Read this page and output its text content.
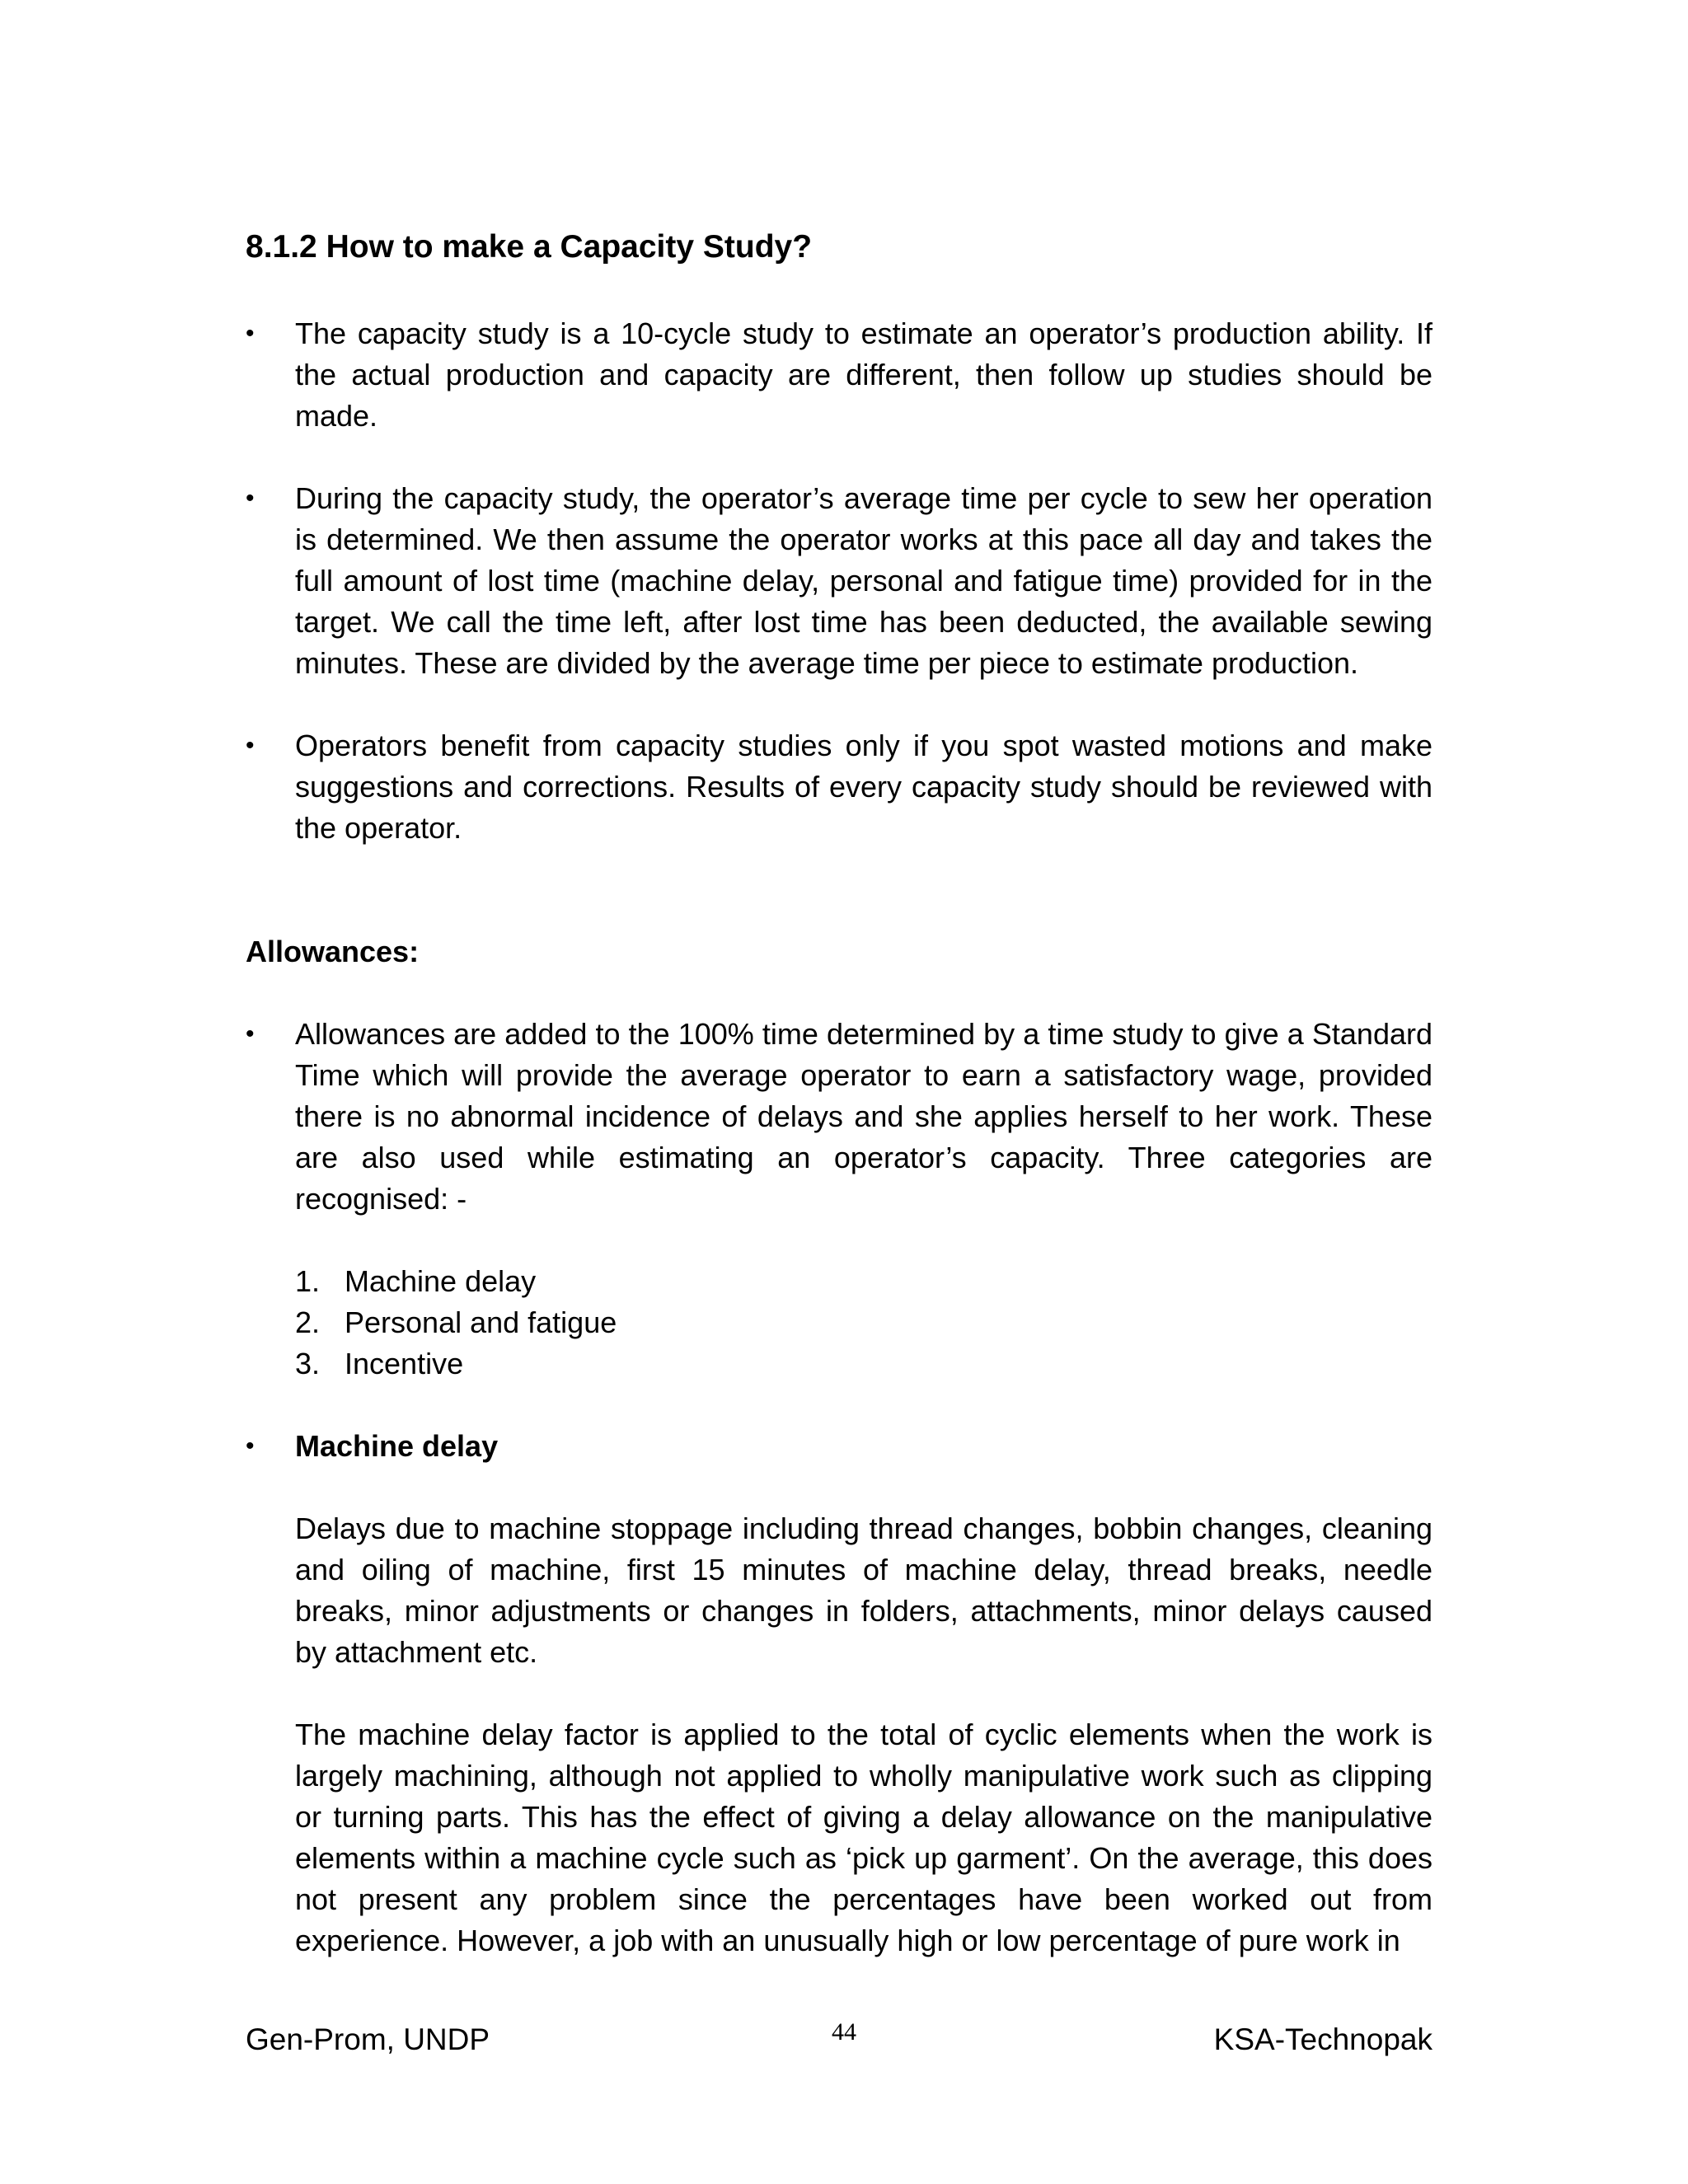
8.1.2 How to make a Capacity Study?
•	The capacity study is a 10-cycle study to estimate an operator’s production ability. If the actual production and capacity are different, then follow up studies should be made.
•	During the capacity study, the operator’s average time per cycle to sew her operation is determined. We then assume the operator works at this pace all day and takes the full amount of lost time (machine delay, personal and fatigue time) provided for in the target. We call the time left, after lost time has been deducted, the available sewing minutes. These are divided by the average time per piece to estimate production.
•	Operators benefit from capacity studies only if you spot wasted motions and make suggestions and corrections. Results of every capacity study should be reviewed with the operator.
Allowances:
•	Allowances are added to the 100% time determined by a time study to give a Standard Time which will provide the average operator to earn a satisfactory wage, provided there is no abnormal incidence of delays and she applies herself to her work. These are also used while estimating an operator’s capacity. Three categories are recognised: -
1. Machine delay
2. Personal and fatigue
3. Incentive
•	Machine delay
Delays due to machine stoppage including thread changes, bobbin changes, cleaning and oiling of machine, first 15 minutes of machine delay, thread breaks, needle breaks, minor adjustments or changes in folders, attachments, minor delays caused by attachment etc.
The machine delay factor is applied to the total of cyclic elements when the work is largely machining, although not applied to wholly manipulative work such as clipping or turning parts. This has the effect of giving a delay allowance on the manipulative elements within a machine cycle such as ‘pick up garment’. On the average, this does not present any problem since the percentages have been worked out from experience. However, a job with an unusually high or low percentage of pure work in
Gen-Prom, UNDP	44	KSA-Technopak
